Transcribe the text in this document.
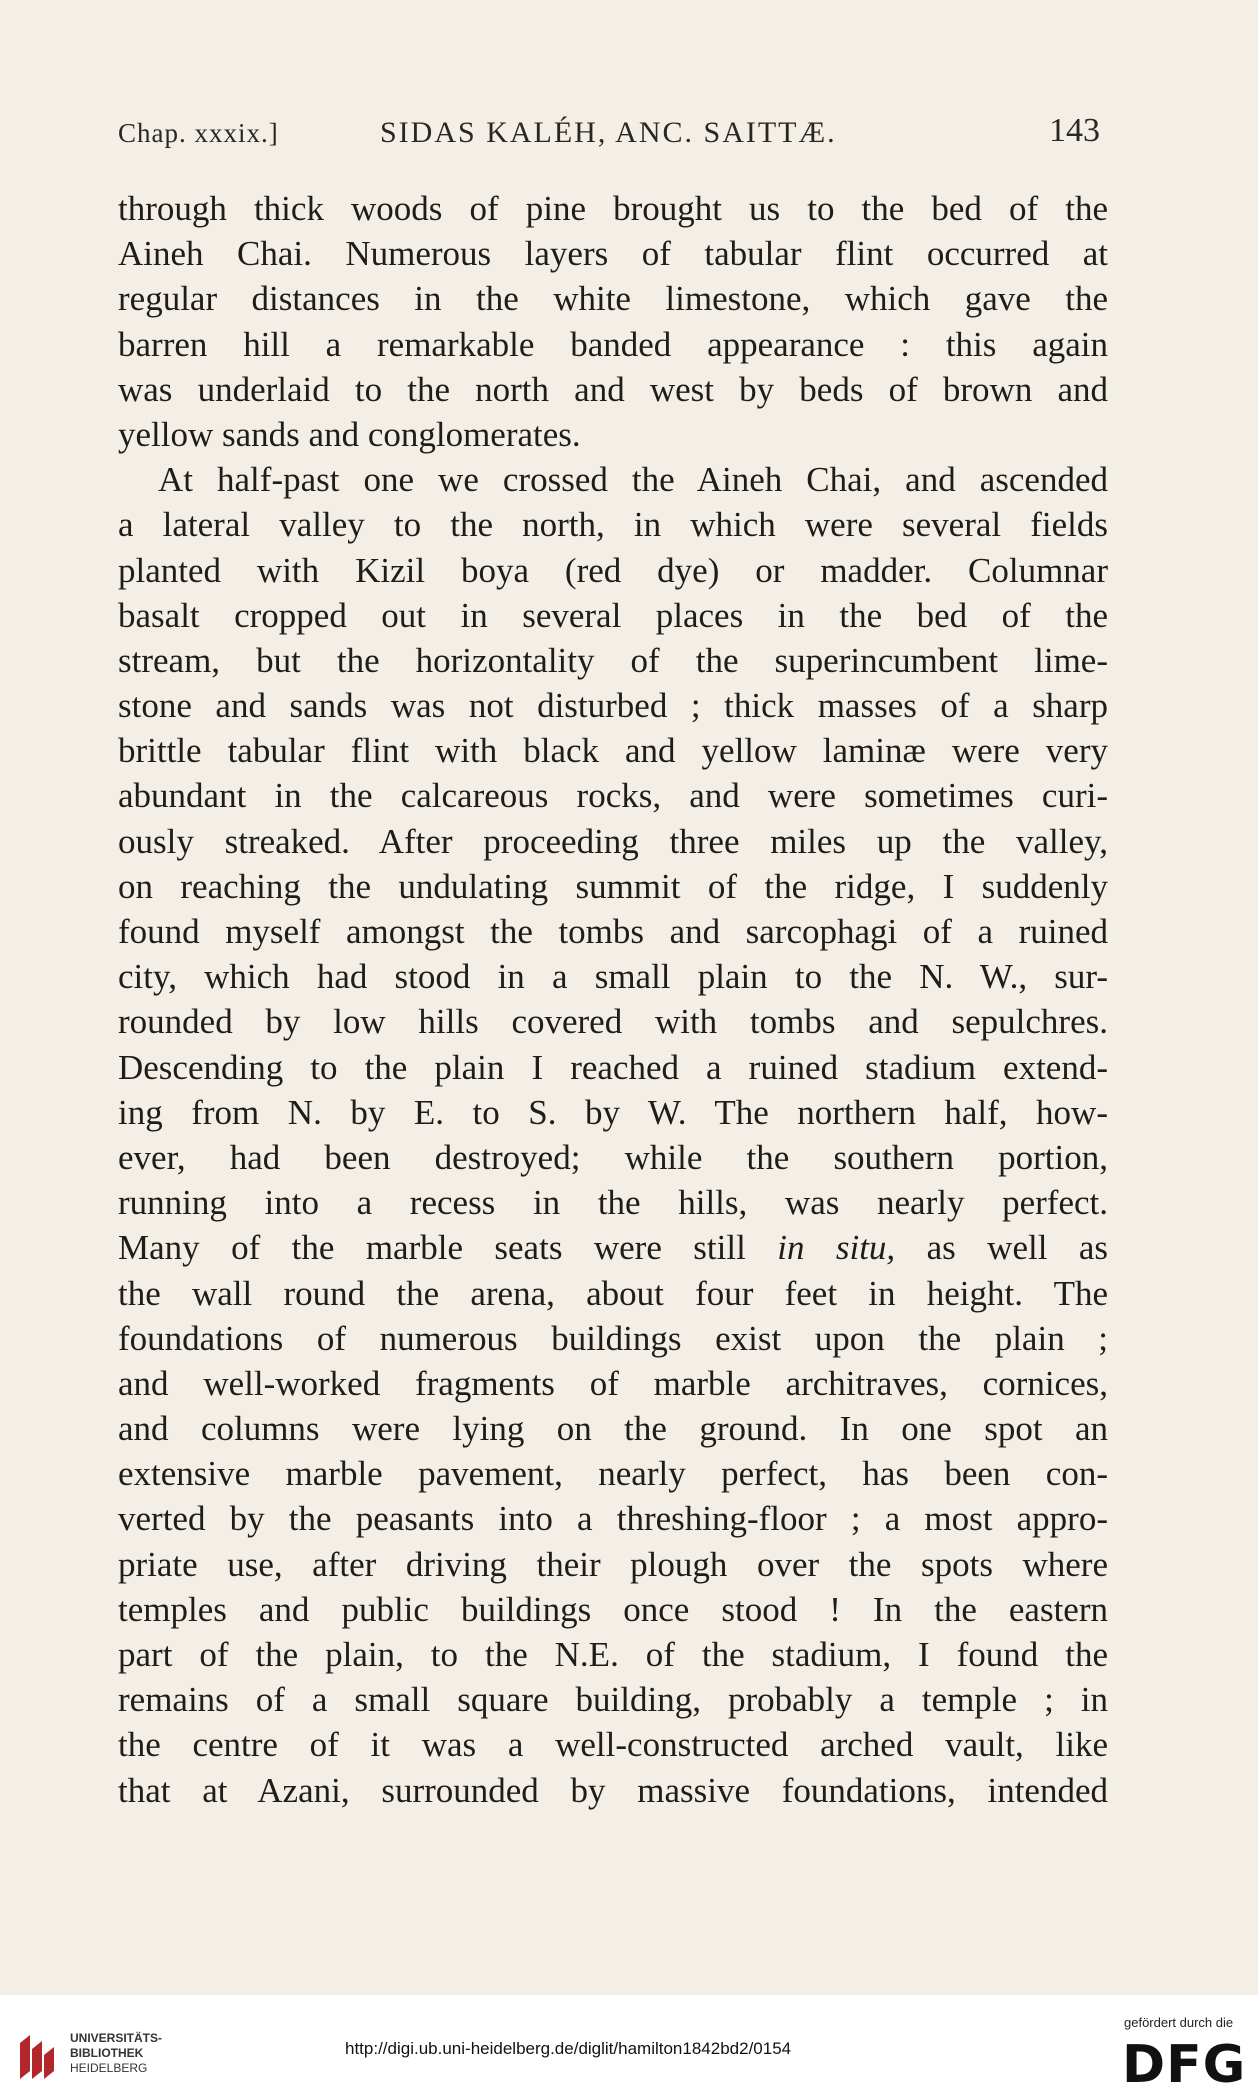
Chap. xxxix.]	SIDAS KALÉH, ANC. SAITTÆ.	143
through thick woods of pine brought us to the bed of the
Aineh Chai. Numerous layers of tabular flint occurred at
regular distances in the white limestone, which gave the
barren hill a remarkable banded appearance : this again
was underlaid to the north and west by beds of brown and
yellow sands and conglomerates.
At half-past one we crossed the Aineh Chai, and ascended
a lateral valley to the north, in which were several fields
planted with Kizil boya (red dye) or madder. Columnar
basalt cropped out in several places in the bed of the
stream, but the horizontality of the superincumbent lime-
stone and sands was not disturbed ; thick masses of a sharp
brittle tabular flint with black and yellow laminæ were very
abundant in the calcareous rocks, and were sometimes curi-
ously streaked. After proceeding three miles up the valley,
on reaching the undulating summit of the ridge, I suddenly
found myself amongst the tombs and sarcophagi of a ruined
city, which had stood in a small plain to the N. W., sur-
rounded by low hills covered with tombs and sepulchres.
Descending to the plain I reached a ruined stadium extend-
ing from N. by E. to S. by W. The northern half, how-
ever, had been destroyed; while the southern portion,
running into a recess in the hills, was nearly perfect.
Many of the marble seats were still in situ, as well as
the wall round the arena, about four feet in height. The
foundations of numerous buildings exist upon the plain ;
and well-worked fragments of marble architraves, cornices,
and columns were lying on the ground. In one spot an
extensive marble pavement, nearly perfect, has been con-
verted by the peasants into a threshing-floor ; a most appro-
priate use, after driving their plough over the spots where
temples and public buildings once stood ! In the eastern
part of the plain, to the N.E. of the stadium, I found the
remains of a small square building, probably a temple ; in
the centre of it was a well-constructed arched vault, like
that at Azani, surrounded by massive foundations, intended
UNIVERSITÄTS-
BIBLIOTHEK
HEIDELBERG
http://digi.ub.uni-heidelberg.de/diglit/hamilton1842bd2/0154
gefördert durch die
DFG
